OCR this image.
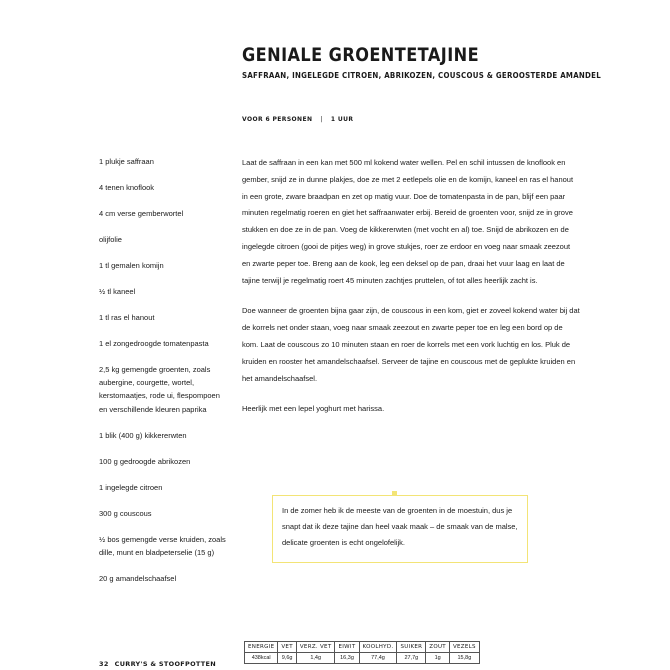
GENIALE GROENTETAJINE
SAFFRAAN, INGELEGDE CITROEN, ABRIKOZEN, COUSCOUS & GEROOSTERDE AMANDEL
VOOR 6 PERSONEN | 1 UUR
1 plukje saffraan
4 tenen knoflook
4 cm verse gemberwortel
olijfolie
1 tl gemalen komijn
½ tl kaneel
1 tl ras el hanout
1 el zongedroogde tomatenpasta
2,5 kg gemengde groenten, zoals aubergine, courgette, wortel, kerstomaatjes, rode ui, flespompoen en verschillende kleuren paprika
1 blik (400 g) kikkererwten
100 g gedroogde abrikozen
1 ingelegde citroen
300 g couscous
½ bos gemengde verse kruiden, zoals dille, munt en bladpeterselie (15 g)
20 g amandelschaafsel

Laat de saffraan in een kan met 500 ml kokend water wellen. Pel en schil intussen de knoflook en gember, snijd ze in dunne plakjes, doe ze met 2 eetlepels olie en de komijn, kaneel en ras el hanout in een grote, zware braadpan en zet op matig vuur. Doe de tomatenpasta in de pan, blijf een paar minuten regelmatig roeren en giet het saffraanwater erbij. Bereid de groenten voor, snijd ze in grove stukken en doe ze in de pan. Voeg de kikkererwten (met vocht en al) toe. Snijd de abrikozen en de ingelegde citroen (gooi de pitjes weg) in grove stukjes, roer ze erdoor en voeg naar smaak zeezout en zwarte peper toe. Breng aan de kook, leg een deksel op de pan, draai het vuur laag en laat de tajine terwijl je regelmatig roert 45 minuten zachtjes pruttelen, of tot alles heerlijk zacht is.

Doe wanneer de groenten bijna gaar zijn, de couscous in een kom, giet er zoveel kokend water bij dat de korrels net onder staan, voeg naar smaak zeezout en zwarte peper toe en leg een bord op de kom. Laat de couscous zo 10 minuten staan en roer de korrels met een vork luchtig en los. Pluk de kruiden en rooster het amandelschaafsel. Serveer de tajine en couscous met de geplukte kruiden en het amandelschaafsel.

Heerlijk met een lepel yoghurt met harissa.

In de zomer heb ik de meeste van de groenten in de moestuin, dus je snapt dat ik deze tajine dan heel vaak maak – de smaak van de malse, delicate groenten is echt ongelofelijk.
ENERGIE	VET	VERZ. VET	EIWIT	KOOLHYD.	SUIKER	ZOUT	VEZELS
438kcal	9,6g	1,4g	16,3g	77,4g	27,7g	1g	15,8g
32 CURRY'S & STOOFPOTTEN
